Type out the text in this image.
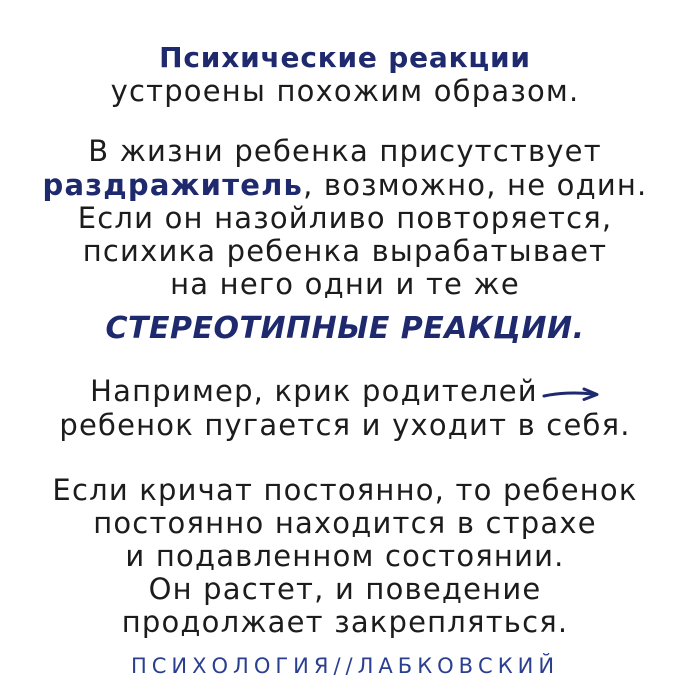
Психические реакции
устроены похожим образом.
В жизни ребенка присутствует
раздражитель, возможно, не один.
Если он назойливо повторяется,
психика ребенка вырабатывает
на него одни и те же
СТЕРЕОТИПНЫЕ РЕАКЦИИ.
Например, крик родителей
ребенок пугается и уходит в себя.
Если кричат постоянно, то ребенок
постоянно находится в страхе
и подавленном состоянии.
Он растет, и поведение
продолжает закрепляться.
ПСИХОЛОГИЯ//ЛАБКОВСКИЙ
